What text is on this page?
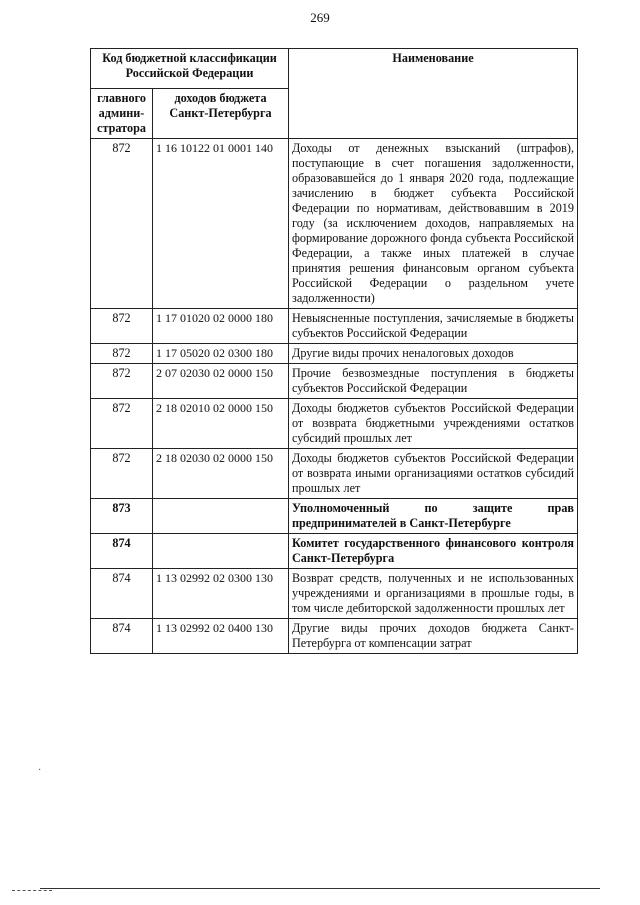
269
Код бюджетной классификации Российской Федерации		Наименование
главного админи-стратора	доходов бюджета Санкт-Петербурга	
872	1 16 10122 01 0001 140	Доходы от денежных взысканий (штрафов), поступающие в счет погашения задолженности, образовавшейся до 1 января 2020 года, подлежащие зачислению в бюджет субъекта Российской Федерации по нормативам, действовавшим в 2019 году (за исключением доходов, направляемых на формирование дорожного фонда субъекта Российской Федерации, а также иных платежей в случае принятия решения финансовым органом субъекта Российской Федерации о раздельном учете задолженности)
872	1 17 01020 02 0000 180	Невыясненные поступления, зачисляемые в бюджеты субъектов Российской Федерации
872	1 17 05020 02 0300 180	Другие виды прочих неналоговых доходов
872	2 07 02030 02 0000 150	Прочие безвозмездные поступления в бюджеты субъектов Российской Федерации
872	2 18 02010 02 0000 150	Доходы бюджетов субъектов Российской Федерации от возврата бюджетными учреждениями остатков субсидий прошлых лет
872	2 18 02030 02 0000 150	Доходы бюджетов субъектов Российской Федерации от возврата иными организациями остатков субсидий прошлых лет
873		Уполномоченный по защите прав предпринимателей в Санкт-Петербурге
874		Комитет государственного финансового контроля Санкт-Петербурга
874	1 13 02992 02 0300 130	Возврат средств, полученных и не использованных учреждениями и организациями в прошлые годы, в том числе дебиторской задолженности прошлых лет
874	1 13 02992 02 0400 130	Другие виды прочих доходов бюджета Санкт-Петербурга от компенсации затрат
·
